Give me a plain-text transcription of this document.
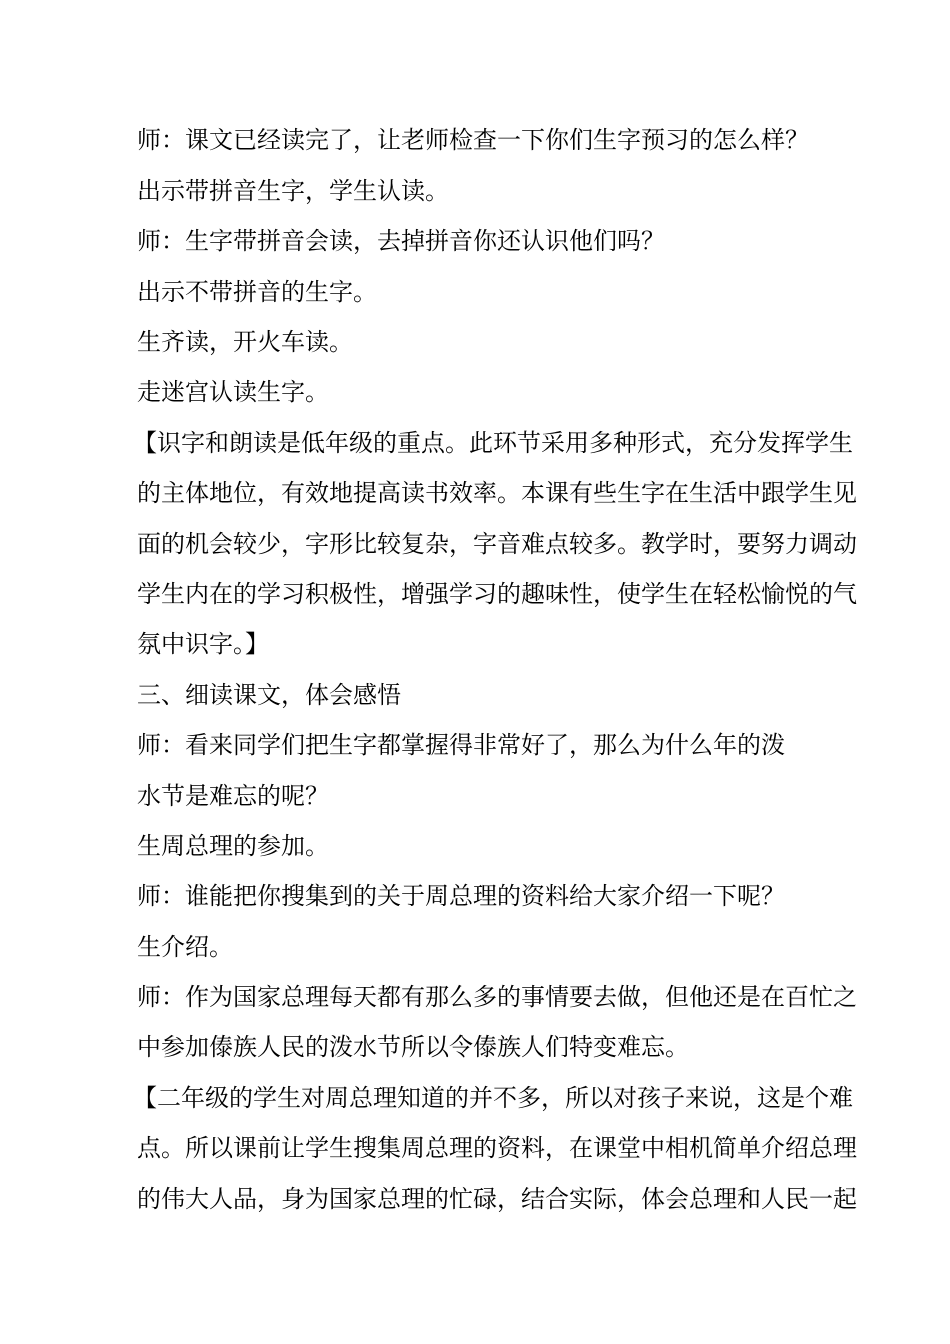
师：课文已经读完了，让老师检查一下你们生字预习的怎么样？
出示带拼音生字，学生认读。
师：生字带拼音会读，去掉拼音你还认识他们吗？
出示不带拼音的生字。
生齐读，开火车读。
走迷宫认读生字。
【识字和朗读是低年级的重点。此环节采用多种形式，充分发挥学生
的主体地位，有效地提高读书效率。本课有些生字在生活中跟学生见
面的机会较少，字形比较复杂，字音难点较多。教学时，要努力调动
学生内在的学习积极性，增强学习的趣味性，使学生在轻松愉悦的气
氛中识字。】
三、细读课文，体会感悟
师：看来同学们把生字都掌握得非常好了，那么为什么年的泼
水节是难忘的呢？
生周总理的参加。
师：谁能把你搜集到的关于周总理的资料给大家介绍一下呢？
生介绍。
师：作为国家总理每天都有那么多的事情要去做，但他还是在百忙之
中参加傣族人民的泼水节所以令傣族人们特变难忘。
【二年级的学生对周总理知道的并不多，所以对孩子来说，这是个难
点。所以课前让学生搜集周总理的资料，在课堂中相机简单介绍总理
的伟大人品，身为国家总理的忙碌，结合实际，体会总理和人民一起
